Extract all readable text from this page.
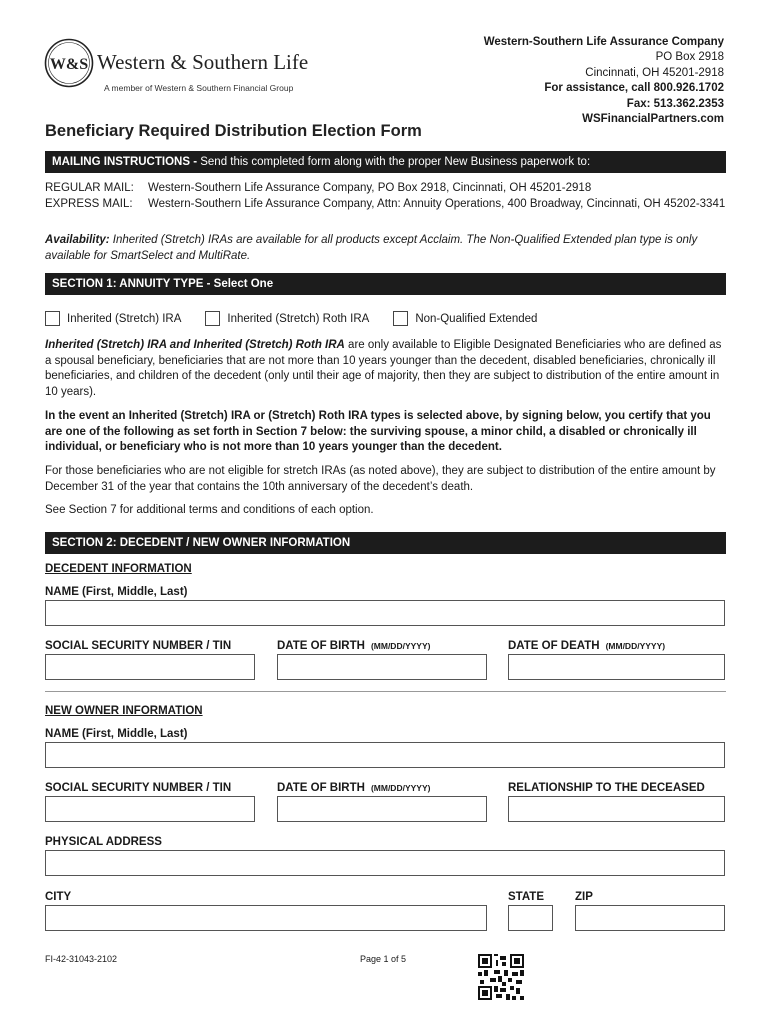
W&S Western & Southern Life
A member of Western & Southern Financial Group
Western-Southern Life Assurance Company
PO Box 2918
Cincinnati, OH 45201-2918
For assistance, call 800.926.1702
Fax: 513.362.2353
WSFinancialPartners.com
Beneficiary Required Distribution Election Form
MAILING INSTRUCTIONS - Send this completed form along with the proper New Business paperwork to:
REGULAR MAIL:	Western-Southern Life Assurance Company, PO Box 2918, Cincinnati, OH 45201-2918
EXPRESS MAIL:	Western-Southern Life Assurance Company, Attn: Annuity Operations, 400 Broadway, Cincinnati, OH 45202-3341
Availability: Inherited (Stretch) IRAs are available for all products except Acclaim. The Non-Qualified Extended plan type is only available for SmartSelect and MultiRate.
SECTION 1: ANNUITY TYPE - Select One
Inherited (Stretch) IRA	Inherited (Stretch) Roth IRA	Non-Qualified Extended
Inherited (Stretch) IRA and Inherited (Stretch) Roth IRA are only available to Eligible Designated Beneficiaries who are defined as a spousal beneficiary, beneficiaries that are not more than 10 years younger than the decedent, disabled beneficiaries, chronically ill beneficiaries, and children of the decedent (only until their age of majority, then they are subject to distribution of the entire amount in 10 years).
In the event an Inherited (Stretch) IRA or (Stretch) Roth IRA types is selected above, by signing below, you certify that you are one of the following as set forth in Section 7 below: the surviving spouse, a minor child, a disabled or chronically ill individual, or beneficiary who is not more than 10 years younger than the decedent.
For those beneficiaries who are not eligible for stretch IRAs (as noted above), they are subject to distribution of the entire amount by December 31 of the year that contains the 10th anniversary of the decedent’s death.
See Section 7 for additional terms and conditions of each option.
SECTION 2: DECEDENT / NEW OWNER INFORMATION
DECEDENT INFORMATION
NAME (First, Middle, Last)
SOCIAL SECURITY NUMBER / TIN	DATE OF BIRTH (MM/DD/YYYY)	DATE OF DEATH (MM/DD/YYYY)
NEW OWNER INFORMATION
NAME (First, Middle, Last)
SOCIAL SECURITY NUMBER / TIN	DATE OF BIRTH (MM/DD/YYYY)	RELATIONSHIP TO THE DECEASED
PHYSICAL ADDRESS
CITY	STATE	ZIP
FI-42-31043-2102	Page 1 of 5
